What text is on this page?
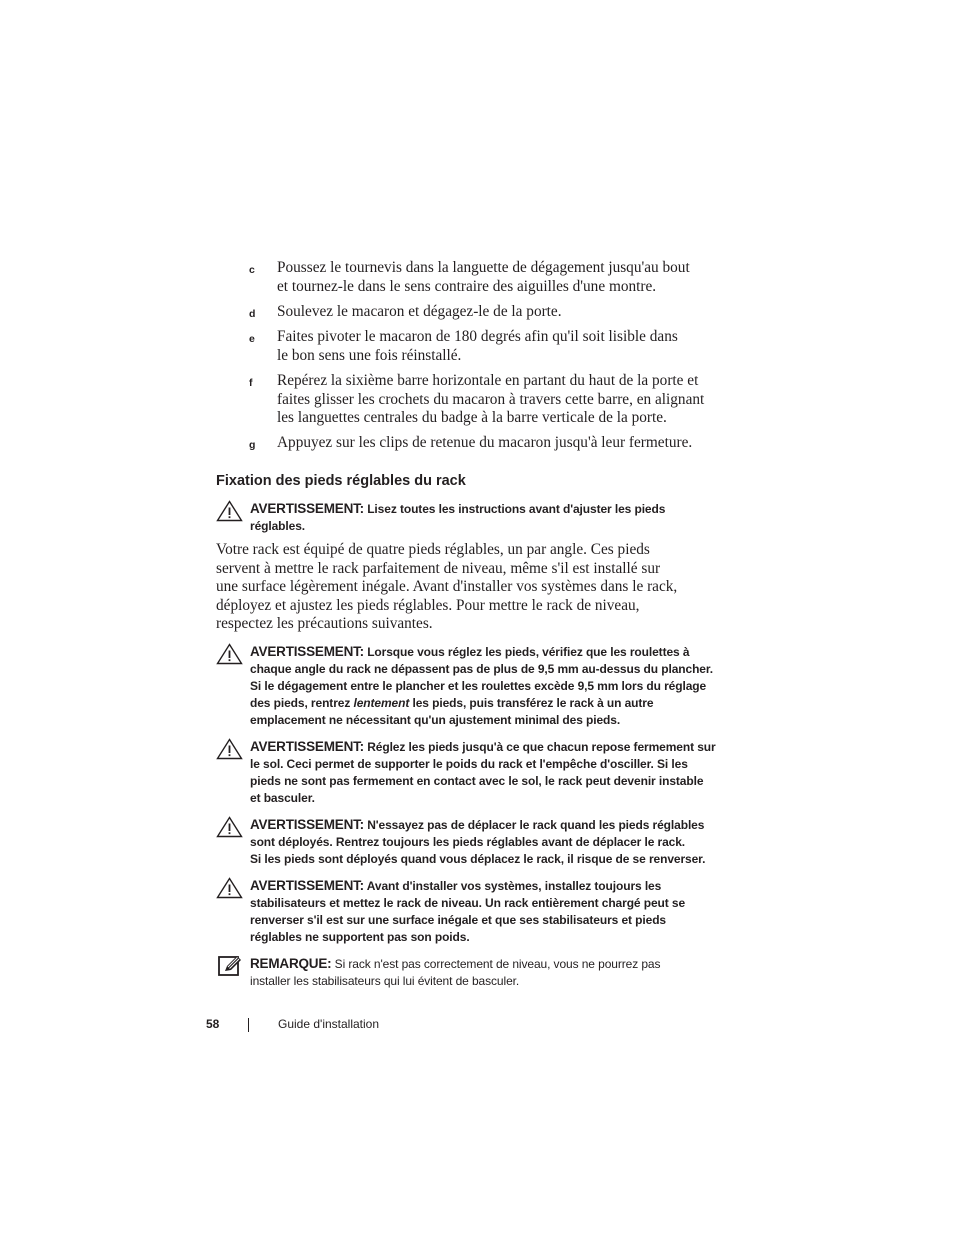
c Poussez le tournevis dans la languette de dégagement jusqu'au bout
et tournez-le dans le sens contraire des aiguilles d'une montre.
d Soulevez le macaron et dégagez-le de la porte.
e Faites pivoter le macaron de 180 degrés afin qu'il soit lisible dans
le bon sens une fois réinstallé.
f Repérez la sixième barre horizontale en partant du haut de la porte et
faites glisser les crochets du macaron à travers cette barre, en alignant
les languettes centrales du badge à la barre verticale de la porte.
g Appuyez sur les clips de retenue du macaron jusqu'à leur fermeture.
Fixation des pieds réglables du rack
AVERTISSEMENT: Lisez toutes les instructions avant d'ajuster les pieds
réglables.
Votre rack est équipé de quatre pieds réglables, un par angle. Ces pieds
servent à mettre le rack parfaitement de niveau, même s'il est installé sur
une surface légèrement inégale. Avant d'installer vos systèmes dans le rack,
déployez et ajustez les pieds réglables. Pour mettre le rack de niveau,
respectez les précautions suivantes.
AVERTISSEMENT: Lorsque vous réglez les pieds, vérifiez que les roulettes à
chaque angle du rack ne dépassent pas de plus de 9,5 mm au-dessus du plancher.
Si le dégagement entre le plancher et les roulettes excède 9,5 mm lors du réglage
des pieds, rentrez lentement les pieds, puis transférez le rack à un autre
emplacement ne nécessitant qu'un ajustement minimal des pieds.
AVERTISSEMENT: Réglez les pieds jusqu'à ce que chacun repose fermement sur
le sol. Ceci permet de supporter le poids du rack et l'empêche d'osciller. Si les
pieds ne sont pas fermement en contact avec le sol, le rack peut devenir instable
et basculer.
AVERTISSEMENT: N'essayez pas de déplacer le rack quand les pieds réglables
sont déployés. Rentrez toujours les pieds réglables avant de déplacer le rack.
Si les pieds sont déployés quand vous déplacez le rack, il risque de se renverser.
AVERTISSEMENT: Avant d'installer vos systèmes, installez toujours les
stabilisateurs et mettez le rack de niveau. Un rack entièrement chargé peut se
renverser s'il est sur une surface inégale et que ses stabilisateurs et pieds
réglables ne supportent pas son poids.
REMARQUE: Si rack n'est pas correctement de niveau, vous ne pourrez pas
installer les stabilisateurs qui lui évitent de basculer.
58	Guide d'installation
